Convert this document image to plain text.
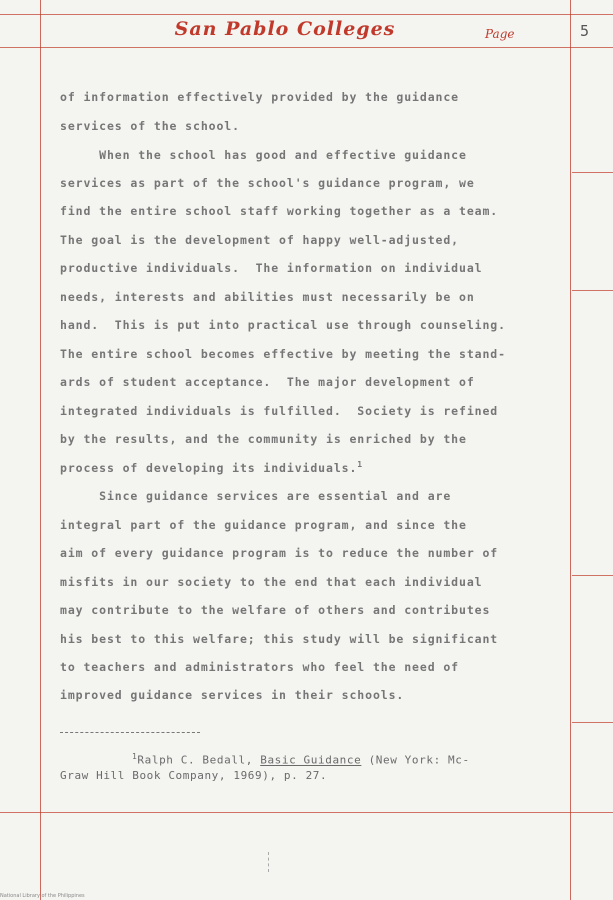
San Pablo Colleges	Page	5
of information effectively provided by the guidance
services of the school.
When the school has good and effective guidance
services as part of the school's guidance program, we
find the entire school staff working together as a team.
The goal is the development of happy well-adjusted,
productive individuals.  The information on individual
needs, interests and abilities must necessarily be on
hand.  This is put into practical use through counseling.
The entire school becomes effective by meeting the stand-
ards of student acceptance.  The major development of
integrated individuals is fulfilled.  Society is refined
by the results, and the community is enriched by the
process of developing its individuals.$^1$
Since guidance services are essential and are
integral part of the guidance program, and since the
aim of every guidance program is to reduce the number of
misfits in our society to the end that each individual
may contribute to the welfare of others and contributes
his best to this welfare; this study will be significant
to teachers and administrators who feel the need of
improved guidance services in their schools.
$^1$Ralph C. Bedall, Basic Guidance (New York: Mc-
Graw Hill Book Company, 1969), p. 27.
National Library of the Philippines
